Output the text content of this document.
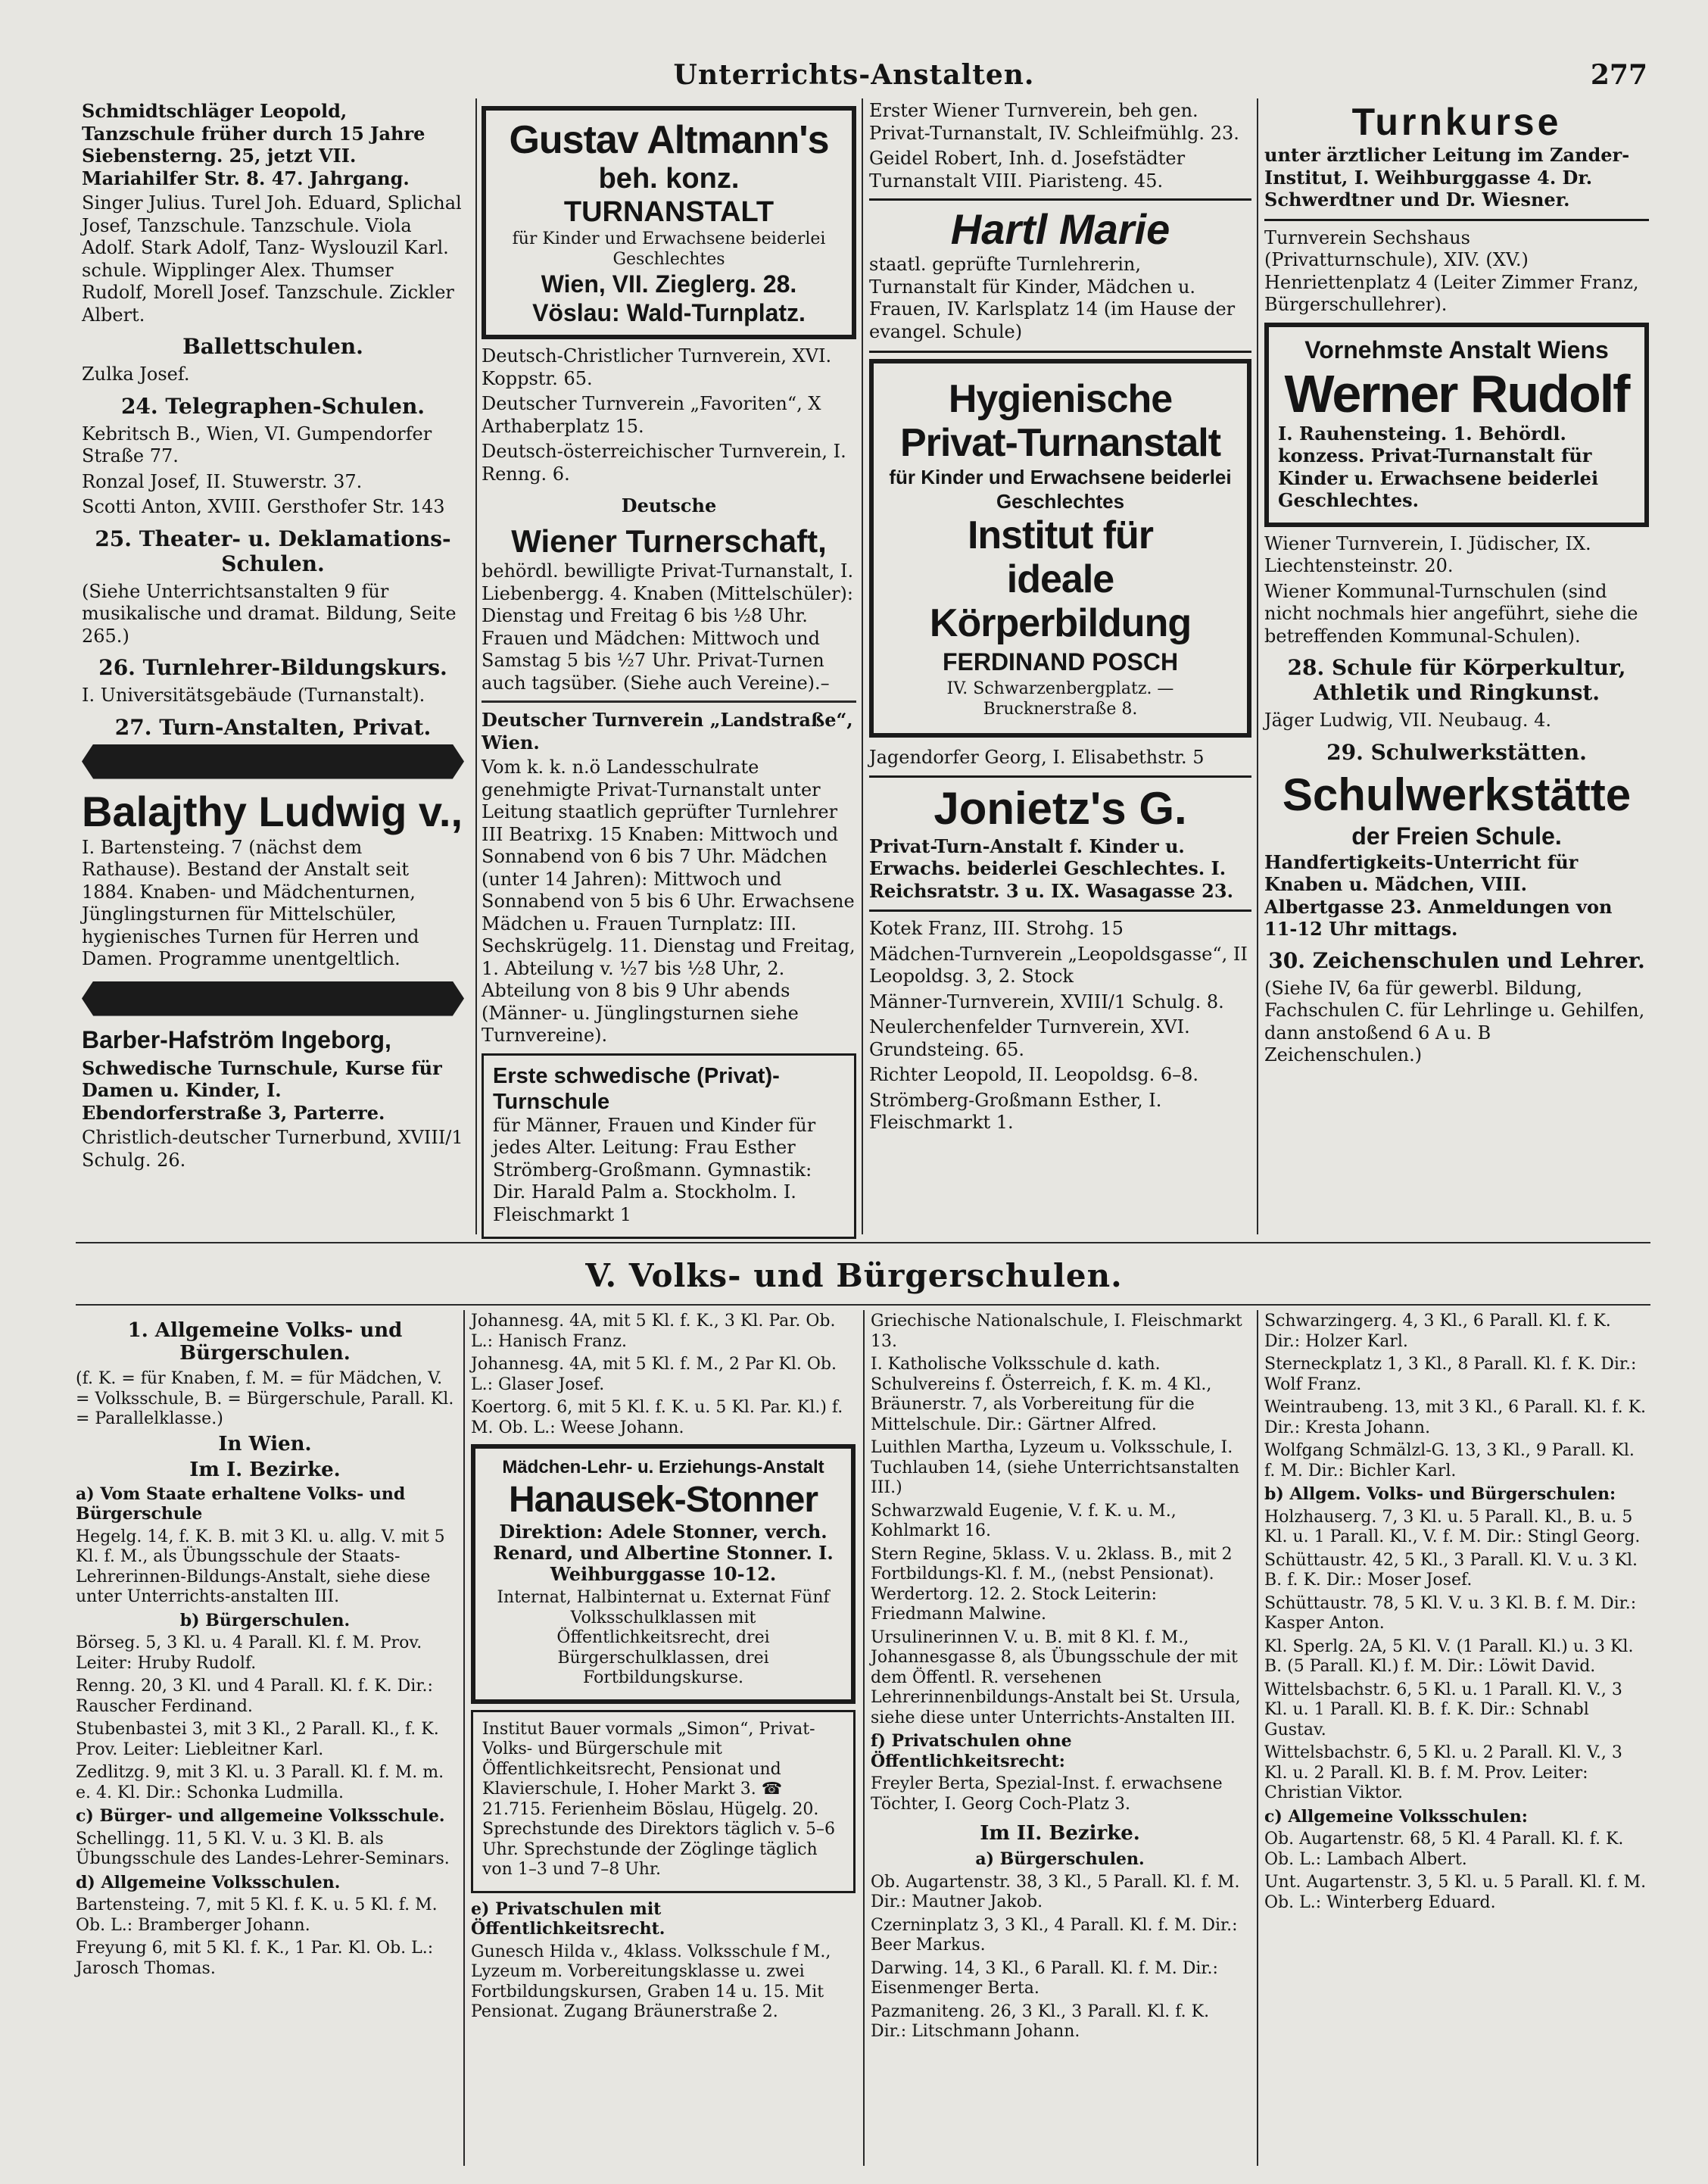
Unterrichts-Anstalten.	277

Schmidtschläger Leopold, Tanzschule früher durch 15 Jahre Siebensterng. 25, jetzt VII. Mariahilfer Str. 8. 47. Jahrgang.

Singer Julius. Turel Joh. Eduard, Splichal Josef, Tanzschule. Tanzschule. Viola Adolf. Stark Adolf, Tanz- Wyslouzil Karl. schule. Wipplinger Alex. Thumser Rudolf, Morell Josef. Tanzschule. Zickler Albert.

Ballettschulen.

Zulka Josef.

24. Telegraphen-Schulen.

Kebritsch B., Wien, VI. Gumpendorfer Straße 77.

Ronzal Josef, II. Stuwerstr. 37.

Scotti Anton, XVIII. Gersthofer Str. 143

25. Theater- u. Deklamations-Schulen.

(Siehe Unterrichtsanstalten 9 für musikalische und dramat. Bildung, Seite 265.)

26. Turnlehrer-Bildungskurs.

I. Universitätsgebäude (Turnanstalt).

27. Turn-Anstalten, Privat.
Balajthy Ludwig v.,

I. Bartensteing. 7 (nächst dem Rathause). Bestand der Anstalt seit 1884. Knaben- und Mädchenturnen, Jünglingsturnen für Mittelschüler, hygienisches Turnen für Herren und Damen. Programme unentgeltlich.

Barber-Hafström Ingeborg,

Schwedische Turnschule, Kurse für Damen u. Kinder, I. Ebendorferstraße 3, Parterre.

Christlich-deutscher Turnerbund, XVIII/1 Schulg. 26.

Gustav Altmann's
beh. konz. TURNANSTALT
für Kinder und Erwachsene beiderlei Geschlechtes
Wien, VII. Zieglerg. 28.
Vöslau: Wald-Turnplatz.

Deutsch-Christlicher Turnverein, XVI. Koppstr. 65.

Deutscher Turnverein „Favoriten“, X Arthaberplatz 15.

Deutsch-österreichischer Turnverein, I. Renng. 6.

Deutsche
Wiener Turnerschaft,

behördl. bewilligte Privat-Turnanstalt, I. Liebenbergg. 4. Knaben (Mittelschüler): Dienstag und Freitag 6 bis ½8 Uhr. Frauen und Mädchen: Mittwoch und Samstag 5 bis ½7 Uhr. Privat-Turnen auch tagsüber. (Siehe auch Vereine).–

Deutscher Turnverein „Landstraße“, Wien.

Vom k. k. n.ö Landesschulrate genehmigte Privat-Turnanstalt unter Leitung staatlich geprüfter Turnlehrer III Beatrixg. 15 Knaben: Mittwoch und Sonnabend von 6 bis 7 Uhr. Mädchen (unter 14 Jahren): Mittwoch und Sonnabend von 5 bis 6 Uhr. Erwachsene Mädchen u. Frauen Turnplatz: III. Sechskrügelg. 11. Dienstag und Freitag, 1. Abteilung v. ½7 bis ½8 Uhr, 2. Abteilung von 8 bis 9 Uhr abends (Männer- u. Jünglingsturnen siehe Turnvereine).

Erste schwedische (Privat)-Turnschule

für Männer, Frauen und Kinder für jedes Alter. Leitung: Frau Esther Strömberg-Großmann. Gymnastik: Dir. Harald Palm a. Stockholm. I. Fleischmarkt 1

Erster Wiener Turnverein, beh gen. Privat-Turnanstalt, IV. Schleifmühlg. 23.

Geidel Robert, Inh. d. Josefstädter Turnanstalt VIII. Piaristeng. 45.

Hartl Marie

staatl. geprüfte Turnlehrerin, Turnanstalt für Kinder, Mädchen u. Frauen, IV. Karlsplatz 14 (im Hause der evangel. Schule)

Hygienische
Privat-Turnanstalt
für Kinder und Erwachsene beiderlei Geschlechtes
Institut für
ideale Körperbildung
FERDINAND POSCH
IV. Schwarzenbergplatz. — Brucknerstraße 8.

Jagendorfer Georg, I. Elisabethstr. 5

Jonietz's G.

Privat-Turn-Anstalt f. Kinder u. Erwachs. beiderlei Geschlechtes. I. Reichsratstr. 3 u. IX. Wasagasse 23.

Kotek Franz, III. Strohg. 15

Mädchen-Turnverein „Leopoldsgasse“, II Leopoldsg. 3, 2. Stock

Männer-Turnverein, XVIII/1 Schulg. 8.

Neulerchenfelder Turnverein, XVI. Grundsteing. 65.

Richter Leopold, II. Leopoldsg. 6–8.

Strömberg-Großmann Esther, I. Fleischmarkt 1.

Turnkurse

unter ärztlicher Leitung im Zander-Institut, I. Weihburggasse 4. Dr. Schwerdtner und Dr. Wiesner.

Turnverein Sechshaus (Privatturnschule), XIV. (XV.) Henriettenplatz 4 (Leiter Zimmer Franz, Bürgerschullehrer).

Vornehmste Anstalt Wiens
Werner Rudolf

I. Rauhensteing. 1. Behördl. konzess. Privat-Turnanstalt für Kinder u. Erwachsene beiderlei Geschlechtes.

Wiener Turnverein, I. Jüdischer, IX. Liechtensteinstr. 20.

Wiener Kommunal-Turnschulen (sind nicht nochmals hier angeführt, siehe die betreffenden Kommunal-Schulen).

28. Schule für Körperkultur, Athletik und Ringkunst.

Jäger Ludwig, VII. Neubaug. 4.

29. Schulwerkstätten.
Schulwerkstätte
der Freien Schule.

Handfertigkeits-Unterricht für Knaben u. Mädchen, VIII. Albertgasse 23. Anmeldungen von 11-12 Uhr mittags.

30. Zeichenschulen und Lehrer.

(Siehe IV, 6a für gewerbl. Bildung, Fachschulen C. für Lehrlinge u. Gehilfen, dann anstoßend 6 A u. B Zeichenschulen.)

V. Volks- und Bürgerschulen.
1. Allgemeine Volks- und Bürgerschulen.

(f. K. = für Knaben, f. M. = für Mädchen, V. = Volksschule, B. = Bürgerschule, Parall. Kl. = Parallelklasse.)

In Wien.
Im I. Bezirke.

a) Vom Staate erhaltene Volks- und Bürgerschule

Hegelg. 14, f. K. B. mit 3 Kl. u. allg. V. mit 5 Kl. f. M., als Übungsschule der Staats-Lehrerinnen-Bildungs-Anstalt, siehe diese unter Unterrichts-anstalten III.

b) Bürgerschulen.

Börseg. 5, 3 Kl. u. 4 Parall. Kl. f. M. Prov. Leiter: Hruby Rudolf.

Renng. 20, 3 Kl. und 4 Parall. Kl. f. K. Dir.: Rauscher Ferdinand.

Stubenbastei 3, mit 3 Kl., 2 Parall. Kl., f. K. Prov. Leiter: Liebleitner Karl.

Zedlitzg. 9, mit 3 Kl. u. 3 Parall. Kl. f. M. m. e. 4. Kl. Dir.: Schonka Ludmilla.

c) Bürger- und allgemeine Volksschule.

Schellingg. 11, 5 Kl. V. u. 3 Kl. B. als Übungsschule des Landes-Lehrer-Seminars.

d) Allgemeine Volksschulen.

Bartensteing. 7, mit 5 Kl. f. K. u. 5 Kl. f. M. Ob. L.: Bramberger Johann.

Freyung 6, mit 5 Kl. f. K., 1 Par. Kl. Ob. L.: Jarosch Thomas.

Johannesg. 4A, mit 5 Kl. f. K., 3 Kl. Par. Ob. L.: Hanisch Franz.

Johannesg. 4A, mit 5 Kl. f. M., 2 Par Kl. Ob. L.: Glaser Josef.

Koertorg. 6, mit 5 Kl. f. K. u. 5 Kl. Par. Kl.) f. M. Ob. L.: Weese Johann.

Mädchen-Lehr- u. Erziehungs-Anstalt
Hanausek-Stonner

Direktion: Adele Stonner, verch. Renard, und Albertine Stonner. I. Weihburggasse 10-12.

Internat, Halbinternat u. Externat Fünf Volksschulklassen mit Öffentlichkeitsrecht, drei Bürgerschulklassen, drei Fortbildungskurse.

Institut Bauer vormals „Simon“, Privat-Volks- und Bürgerschule mit Öffentlichkeitsrecht, Pensionat und Klavierschule, I. Hoher Markt 3. ☎ 21.715. Ferienheim Böslau, Hügelg. 20. Sprechstunde des Direktors täglich v. 5–6 Uhr. Sprechstunde der Zöglinge täglich von 1–3 und 7–8 Uhr.

e) Privatschulen mit Öffentlichkeitsrecht.

Gunesch Hilda v., 4klass. Volksschule f M., Lyzeum m. Vorbereitungsklasse u. zwei Fortbildungskursen, Graben 14 u. 15. Mit Pensionat. Zugang Bräunerstraße 2.

Griechische Nationalschule, I. Fleischmarkt 13.

I. Katholische Volksschule d. kath. Schulvereins f. Österreich, f. K. m. 4 Kl., Bräunerstr. 7, als Vorbereitung für die Mittelschule. Dir.: Gärtner Alfred.

Luithlen Martha, Lyzeum u. Volksschule, I. Tuchlauben 14, (siehe Unterrichtsanstalten III.)

Schwarzwald Eugenie, V. f. K. u. M., Kohlmarkt 16.

Stern Regine, 5klass. V. u. 2klass. B., mit 2 Fortbildungs-Kl. f. M., (nebst Pensionat). Werdertorg. 12. 2. Stock Leiterin: Friedmann Malwine.

Ursulinerinnen V. u. B. mit 8 Kl. f. M., Johannesgasse 8, als Übungsschule der mit dem Öffentl. R. versehenen Lehrerinnenbildungs-Anstalt bei St. Ursula, siehe diese unter Unterrichts-Anstalten III.

f) Privatschulen ohne Öffentlichkeitsrecht:

Freyler Berta, Spezial-Inst. f. erwachsene Töchter, I. Georg Coch-Platz 3.

Im II. Bezirke.

a) Bürgerschulen.

Ob. Augartenstr. 38, 3 Kl., 5 Parall. Kl. f. M. Dir.: Mautner Jakob.

Czerninplatz 3, 3 Kl., 4 Parall. Kl. f. M. Dir.: Beer Markus.

Darwing. 14, 3 Kl., 6 Parall. Kl. f. M. Dir.: Eisenmenger Berta.

Pazmaniteng. 26, 3 Kl., 3 Parall. Kl. f. K. Dir.: Litschmann Johann.

Schwarzingerg. 4, 3 Kl., 6 Parall. Kl. f. K. Dir.: Holzer Karl.

Sterneckplatz 1, 3 Kl., 8 Parall. Kl. f. K. Dir.: Wolf Franz.

Weintraubeng. 13, mit 3 Kl., 6 Parall. Kl. f. K. Dir.: Kresta Johann.

Wolfgang Schmälzl-G. 13, 3 Kl., 9 Parall. Kl. f. M. Dir.: Bichler Karl.

b) Allgem. Volks- und Bürgerschulen:

Holzhauserg. 7, 3 Kl. u. 5 Parall. Kl., B. u. 5 Kl. u. 1 Parall. Kl., V. f. M. Dir.: Stingl Georg.

Schüttaustr. 42, 5 Kl., 3 Parall. Kl. V. u. 3 Kl. B. f. K. Dir.: Moser Josef.

Schüttaustr. 78, 5 Kl. V. u. 3 Kl. B. f. M. Dir.: Kasper Anton.

Kl. Sperlg. 2A, 5 Kl. V. (1 Parall. Kl.) u. 3 Kl. B. (5 Parall. Kl.) f. M. Dir.: Löwit David.

Wittelsbachstr. 6, 5 Kl. u. 1 Parall. Kl. V., 3 Kl. u. 1 Parall. Kl. B. f. K. Dir.: Schnabl Gustav.

Wittelsbachstr. 6, 5 Kl. u. 2 Parall. Kl. V., 3 Kl. u. 2 Parall. Kl. B. f. M. Prov. Leiter: Christian Viktor.

c) Allgemeine Volksschulen:

Ob. Augartenstr. 68, 5 Kl. 4 Parall. Kl. f. K. Ob. L.: Lambach Albert.

Unt. Augartenstr. 3, 5 Kl. u. 5 Parall. Kl. f. M. Ob. L.: Winterberg Eduard.
